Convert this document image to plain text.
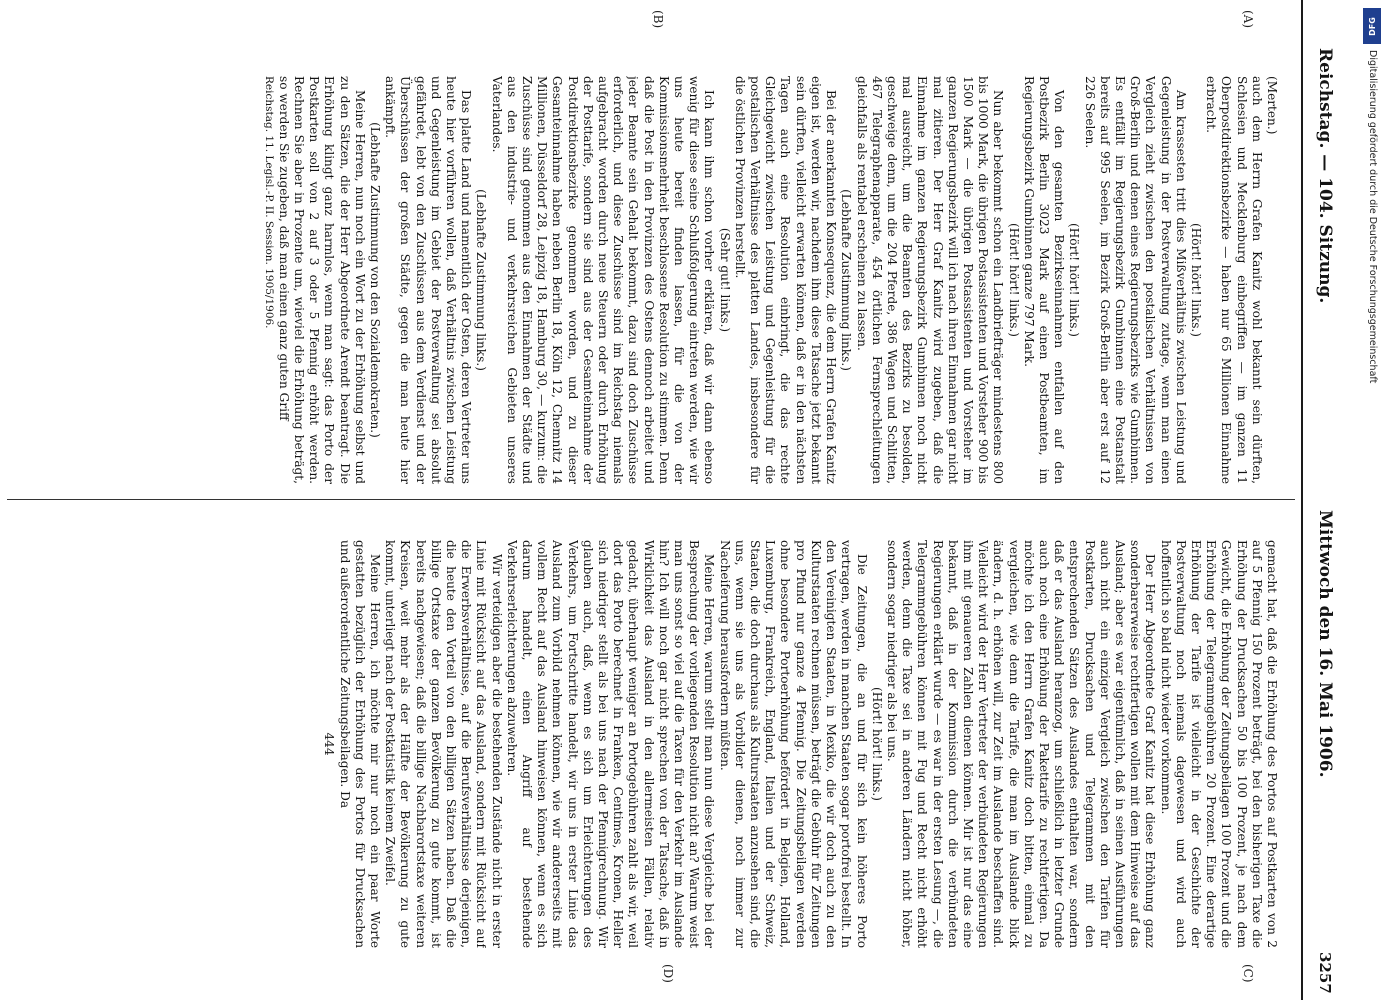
Reichstag. — 104. Sitzung.
Mittwoch den 16. Mai 1906.
3257
(A)
(B)
(C)
(D)

(Merten.)

auch dem Herrn Grafen Kanitz wohl bekannt sein dürften, Schlesien und Mecklenburg einbegriffen — im ganzen 11 Oberpostdirektionsbezirke — haben nur 65 Millionen Einnahme erbracht.

(Hört! hört! links.)

Am krassesten tritt dies Mißverhältnis zwischen Leistung und Gegenleistung in der Postverwaltung zutage, wenn man einen Vergleich zieht zwischen den postalischen Verhältnissen von Groß-Berlin und denen eines Regierungsbezirks wie Gumbinnen. Es entfällt im Regierungsbezirk Gumbinnen eine Postanstalt bereits auf 995 Seelen, im Bezirk Groß-Berlin aber erst auf 12 226 Seelen.

(Hört! hört! links.)

Von den gesamten Bezirkseinnahmen entfallen auf den Postbezirk Berlin 3023 Mark auf einen Postbeamten, im Regierungsbezirk Gumbinnen ganze 797 Mark.

(Hört! hört! links.)

Nun aber bekommt schon ein Landbriefträger mindestens 800 bis 1000 Mark, die übrigen Postassistenten und Vorsteher 900 bis 1500 Mark — die übrigen Postassistenten und Vorsteher im ganzen Regierungsbezirk will ich nach ihren Einnahmen gar nicht mal zitieren. Der Herr Graf Kanitz wird zugeben, daß die Einnahme im ganzen Regierungsbezirk Gumbinnen noch nicht mal ausreicht, um die Beamten des Bezirks zu besolden, geschweige denn, um die 204 Pferde, 386 Wagen und Schlitten, 467 Telegraphenapparate, 454 örtlichen Fernsprechleitungen gleichfalls als rentabel erscheinen zu lassen.

(Lebhafte Zustimmung links.)

Bei der anerkannten Konsequenz, die dem Herrn Grafen Kanitz eigen ist, werden wir, nachdem ihm diese Tatsache jetzt bekannt sein dürften, vielleicht erwarten können, daß er in den nächsten Tagen auch eine Resolution einbringt, die das rechte Gleichgewicht zwischen Leistung und Gegenleistung für die postalischen Verhältnisse des platten Landes, insbesondere für die östlichen Provinzen herstellt.

(Sehr gut! links.)

Ich kann ihm schon vorher erklären, daß wir dann ebenso wenig für diese seine Schlußfolgerung eintreten werden, wie wir uns heute bereit finden lassen, für die von der Kommissionsmehrheit beschlossene Resolution zu stimmen. Denn daß die Post in den Provinzen des Ostens dennoch arbeitet und jeder Beamte sein Gehalt bekommt, dazu sind doch Zuschüsse erforderlich, und diese Zuschüsse sind im Reichstag niemals aufgebracht worden durch neue Steuern oder durch Erhöhung der Posttarife, sondern sie sind aus der Gesamteinnahme der Postdirektionsbezirke genommen worden, und zu dieser Gesamteinnahme haben neben Berlin 18, Köln 12, Chemnitz 14 Millionen, Düsseldorf 28, Leipzig 18, Hamburg 30, — kurzum: die Zuschüsse sind genommen aus den Einnahmen der Städte und aus den industrie- und verkehrsreichen Gebieten unseres Vaterlandes.

(Lebhafte Zustimmung links.)

Das platte Land und namentlich der Osten, deren Vertreter uns heute hier vorführen wollen, daß Verhältnis zwischen Leistung und Gegenleistung im Gebiet der Postverwaltung sei absolut gefährdet, lebt von den Zuschüssen aus dem Verdienst und der Überschüssen der großen Städte, gegen die man heute hier ankämpft.

(Lebhafte Zustimmung von den Sozialdemokraten.)

Meine Herren, nun noch ein Wort zu der Erhöhung selbst und zu den Sätzen, die der Herr Abgeordnete Arendt beantragt. Die Erhöhung klingt ganz harmlos, wenn man sagt: das Porto der Postkarten soll von 2 auf 3 oder 5 Pfennig erhöht werden. Rechnen Sie aber in Prozente um, wieviel die Erhöhung beträgt, so werden Sie zugeben, daß man einen ganz guten Griff

Reichstag. 11. Legisl.-P. II. Session. 1905/1906.

gemacht hat, daß die Erhöhung des Portos auf Postkarten von 2 auf 5 Pfennig 150 Prozent beträgt, bei den bisherigen Taxe die Erhöhung der Drucksachen 50 bis 100 Prozent, je nach dem Gewicht, die Erhöhung der Zeitungsbeilagen 100 Prozent und die Erhöhung der Telegrammgebühren 20 Prozent. Eine derartige Erhöhung der Tarife ist vielleicht in der Geschichte der Postverwaltung noch niemals dagewesen und wird auch hoffentlich so bald nicht wieder vorkommen.

Der Herr Abgeordnete Graf Kanitz hat diese Erhöhung ganz sonderbarerweise rechtfertigen wollen mit dem Hinweise auf das Ausland; aber es war eigentümlich, daß in seinen Ausführungen auch nicht ein einziger Vergleich zwischen den Tarifen für Postkarten, Drucksachen und Telegrammen mit den entsprechenden Sätzen des Auslandes enthalten war, sondern daß er das Ausland heranzog, um schließlich in letzter Grunde auch noch eine Erhöhung der Pakettarife zu rechtfertigen. Da möchte ich den Herrn Grafen Kanitz doch bitten, einmal zu vergleichen, wie denn die Tarife, die man im Auslande blick ändern, d. h. erhöhen will, zur Zeit im Auslande beschaffen sind. Vielleicht wird der Herr Vertreter der verbündeten Regierungen ihm mit genaueren Zahlen dienen können. Mir ist nur das eine bekannt, daß in der Kommission durch die verbündeten Regierungen erklärt wurde — es war in der ersten Lesung —, die Telegrammgebühren können mit Fug und Recht nicht erhöht werden, denn die Taxe sei in anderen Ländern nicht höher, sondern sogar niedriger als bei uns.

(Hört! hört! links.)

Die Zeitungen, die an und für sich kein höheres Porto vertragen, werden in manchen Staaten sogar portofrei bestellt. In den Vereinigten Staaten, in Mexiko, die wir doch auch zu den Kulturstaaten rechnen müssen, beträgt die Gebühr für Zeitungen pro Pfund nur ganze 4 Pfennig. Die Zeitungsbeilagen werden ohne besondere Portoerhöhung befördert in Belgien, Holland, Luxemburg, Frankreich, England, Italien und der Schweiz, Staaten, die doch durchaus als Kulturstaaten anzusehen sind, die uns, wenn sie uns als Vorbilder dienen, noch immer zur Nacheiferung herausfordern müßten.

Meine Herren, warum stellt man nun diese Vergleiche bei der Besprechung der vorliegenden Resolution nicht an? Warum weist man uns sonst so viel auf die Taxen für den Verkehr im Auslande hin? Ich will noch gar nicht sprechen von der Tatsache, daß in Wirklichkeit das Ausland in den allermeisten Fällen, relativ gedacht, überhaupt weniger an Portogebühren zahlt als wir, weil dort das Porto berechnet in Franken, Centimes, Kronen, Heller sich niedriger stellt als bei uns nach der Pfennigrechnung. Wir glauben auch, daß, wenn es sich um Erleichterungen des Verkehrs, um Fortschritte handelt, wir uns in erster Linie das Ausland zum Vorbild nehmen können, wie wir andererseits mit vollem Recht auf das Ausland hinweisen können, wenn es sich darum handelt, einen Angriff auf bestehende Verkehrserleichterungen abzuwehren.

Wir verteidigen aber die bestehenden Zustände nicht in erster Linie mit Rücksicht auf das Ausland, sondern mit Rücksicht auf die Erwerbsverhältnisse, auf die Berufsverhältnisse derjenigen, die heute den Vorteil von den billigen Sätzen haben. Daß die billige Ortstaxe der ganzen Bevölkerung zu gute kommt, ist bereits nachgewiesen; daß die billige Nachbarortstaxe weiteren Kreisen, weit mehr als der Hälfte der Bevölkerung zu gute kommt, unterliegt nach der Postkatistik keinem Zweifel.

Meine Herren, ich möchte mir nur noch ein paar Worte gestatten bezüglich der Erhöhung des Portos für Drucksachen und außerordentliche Zeitungsbeilagen. Da

444

DFG
Digitalisierung gefördert durch die Deutsche Forschungsgemeinschaft
